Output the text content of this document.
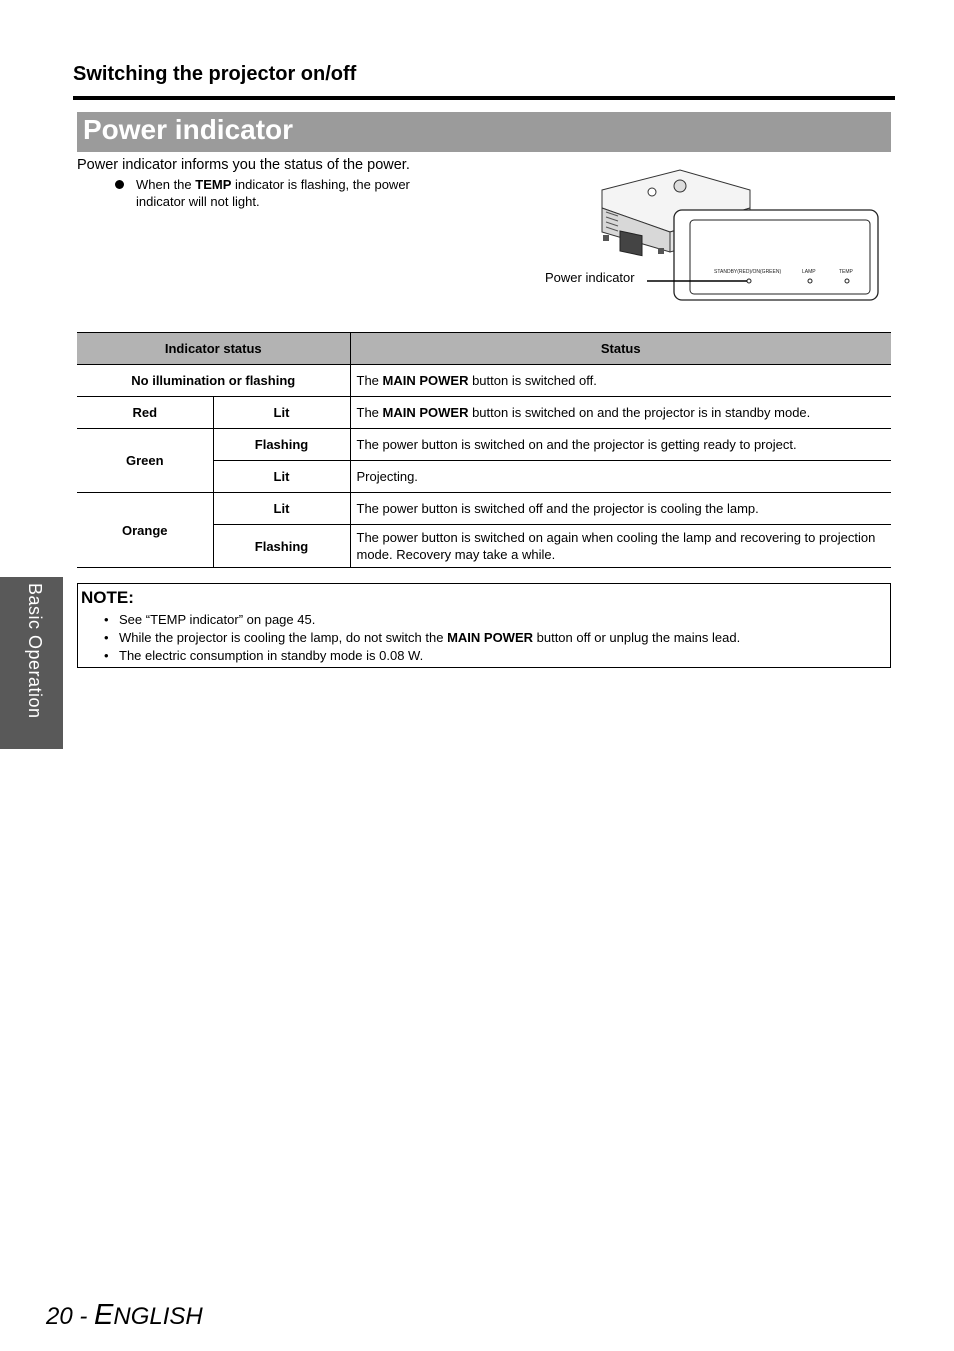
Switching the projector on/off
Power indicator
Power indicator informs you the status of the power.
When the TEMP indicator is flashing, the power indicator will not light.
STANDBY(RED)/ON(GREEN)	LAMP	TEMP
Power indicator
Indicator status		Status
No illumination or flashing		The MAIN POWER button is switched off.
Red	Lit	The MAIN POWER button is switched on and the projector is in standby mode.
Green	Flashing	The power button is switched on and the projector is getting ready to project.
	Lit	Projecting.
Orange	Lit	The power button is switched off and the projector is cooling the lamp.
	Flashing	The power button is switched on again when cooling the lamp and recovering to projection mode. Recovery may take a while.
NOTE:
• See “TEMP indicator” on page 45.
• While the projector is cooling the lamp, do not switch the MAIN POWER button off or unplug the mains lead.
• The electric consumption in standby mode is 0.08 W.
Basic Operation
20 - ENGLISH
